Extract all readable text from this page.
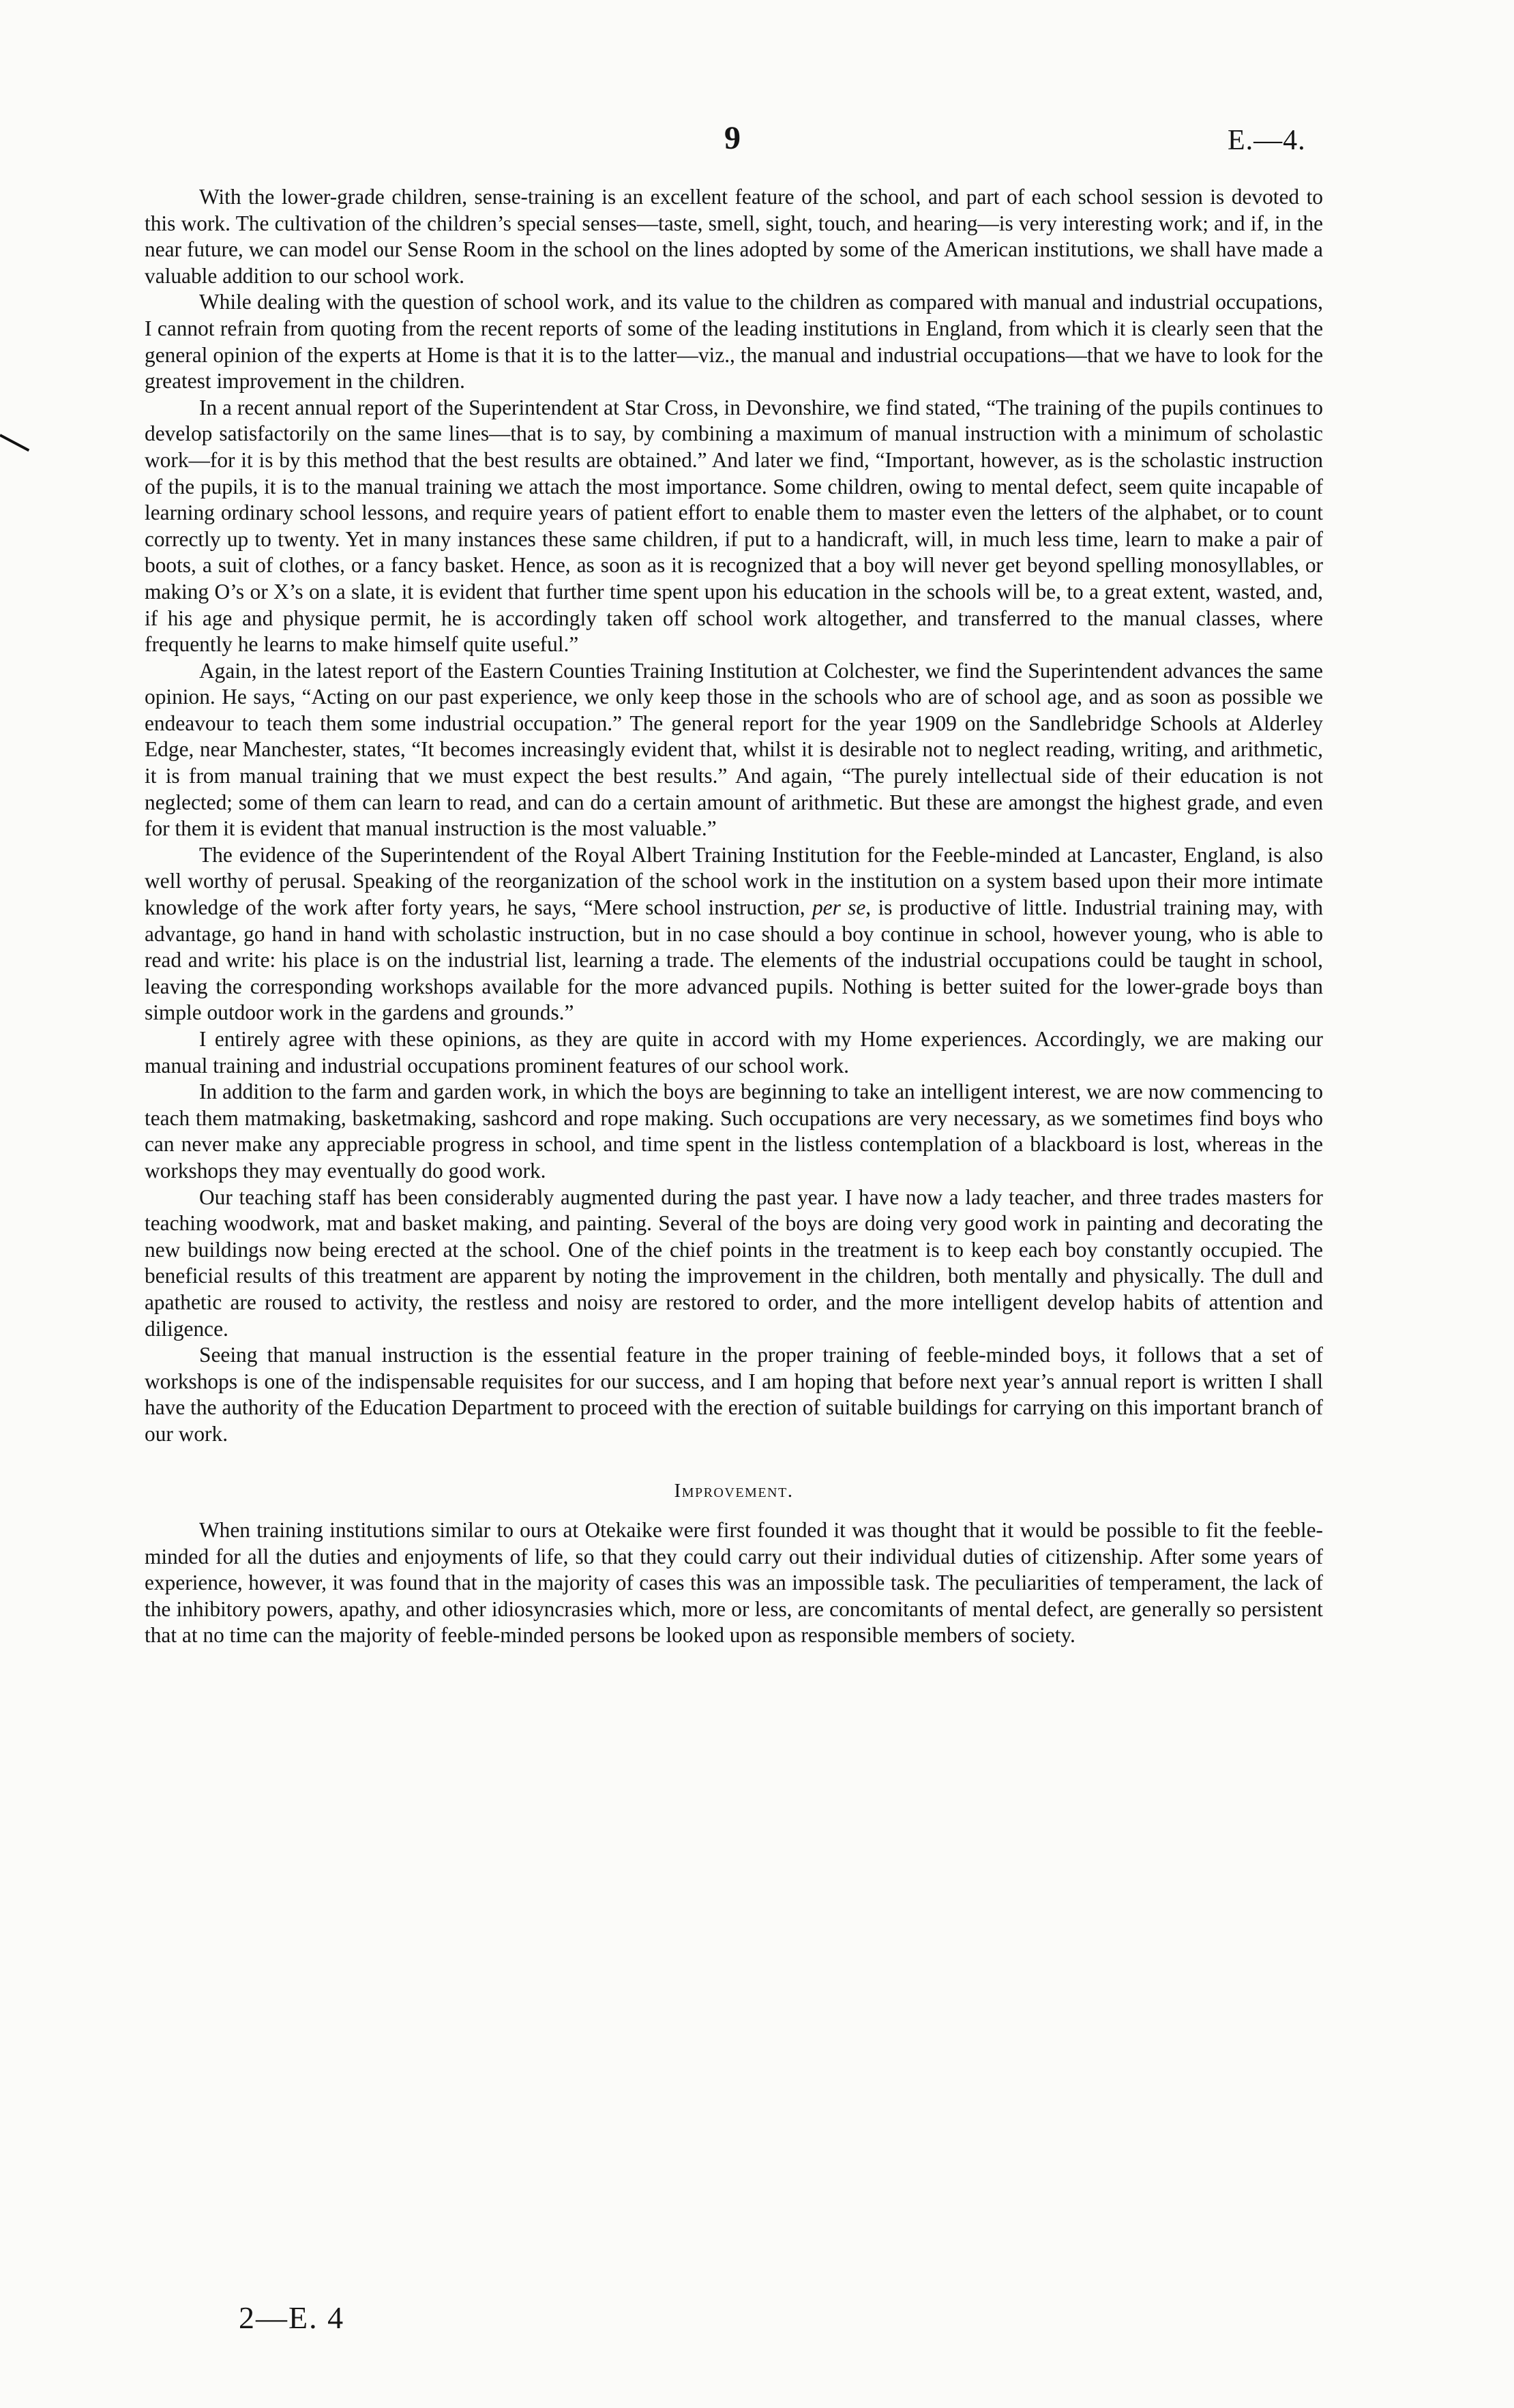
9	E.—4.

With the lower-grade children, sense-training is an excellent feature of the school, and part of each school session is devoted to this work. The cultivation of the children’s special senses—taste, smell, sight, touch, and hearing—is very interesting work; and if, in the near future, we can model our Sense Room in the school on the lines adopted by some of the American institutions, we shall have made a valuable addition to our school work.

While dealing with the question of school work, and its value to the children as compared with manual and industrial occupations, I cannot refrain from quoting from the recent reports of some of the leading institutions in England, from which it is clearly seen that the general opinion of the experts at Home is that it is to the latter—viz., the manual and industrial occupations—that we have to look for the greatest improvement in the children.

In a recent annual report of the Superintendent at Star Cross, in Devonshire, we find stated, “The training of the pupils continues to develop satisfactorily on the same lines—that is to say, by combining a maximum of manual instruction with a minimum of scholastic work—for it is by this method that the best results are obtained.” And later we find, “Important, however, as is the scholastic instruction of the pupils, it is to the manual training we attach the most importance. Some children, owing to mental defect, seem quite incapable of learning ordinary school lessons, and require years of patient effort to enable them to master even the letters of the alphabet, or to count correctly up to twenty. Yet in many instances these same children, if put to a handicraft, will, in much less time, learn to make a pair of boots, a suit of clothes, or a fancy basket. Hence, as soon as it is recognized that a boy will never get beyond spelling monosyllables, or making O’s or X’s on a slate, it is evident that further time spent upon his education in the schools will be, to a great extent, wasted, and, if his age and physique permit, he is accordingly taken off school work altogether, and transferred to the manual classes, where frequently he learns to make himself quite useful.”

Again, in the latest report of the Eastern Counties Training Institution at Colchester, we find the Superintendent advances the same opinion. He says, “Acting on our past experience, we only keep those in the schools who are of school age, and as soon as possible we endeavour to teach them some industrial occupation.” The general report for the year 1909 on the Sandlebridge Schools at Alderley Edge, near Manchester, states, “It becomes increasingly evident that, whilst it is desirable not to neglect reading, writing, and arithmetic, it is from manual training that we must expect the best results.” And again, “The purely intellectual side of their education is not neglected; some of them can learn to read, and can do a certain amount of arithmetic. But these are amongst the highest grade, and even for them it is evident that manual instruction is the most valuable.”

The evidence of the Superintendent of the Royal Albert Training Institution for the Feeble-minded at Lancaster, England, is also well worthy of perusal. Speaking of the reorganization of the school work in the institution on a system based upon their more intimate knowledge of the work after forty years, he says, “Mere school instruction, per se, is productive of little. Industrial training may, with advantage, go hand in hand with scholastic instruction, but in no case should a boy continue in school, however young, who is able to read and write: his place is on the industrial list, learning a trade. The elements of the industrial occupations could be taught in school, leaving the corresponding workshops available for the more advanced pupils. Nothing is better suited for the lower-grade boys than simple outdoor work in the gardens and grounds.”

I entirely agree with these opinions, as they are quite in accord with my Home experiences. Accordingly, we are making our manual training and industrial occupations prominent features of our school work.

In addition to the farm and garden work, in which the boys are beginning to take an intelligent interest, we are now commencing to teach them matmaking, basketmaking, sashcord and rope making. Such occupations are very necessary, as we sometimes find boys who can never make any appreciable progress in school, and time spent in the listless contemplation of a blackboard is lost, whereas in the workshops they may eventually do good work.

Our teaching staff has been considerably augmented during the past year. I have now a lady teacher, and three trades masters for teaching woodwork, mat and basket making, and painting. Several of the boys are doing very good work in painting and decorating the new buildings now being erected at the school. One of the chief points in the treatment is to keep each boy constantly occupied. The beneficial results of this treatment are apparent by noting the improvement in the children, both mentally and physically. The dull and apathetic are roused to activity, the restless and noisy are restored to order, and the more intelligent develop habits of attention and diligence.

Seeing that manual instruction is the essential feature in the proper training of feeble-minded boys, it follows that a set of workshops is one of the indispensable requisites for our success, and I am hoping that before next year’s annual report is written I shall have the authority of the Education Department to proceed with the erection of suitable buildings for carrying on this important branch of our work.

Improvement.

When training institutions similar to ours at Otekaike were first founded it was thought that it would be possible to fit the feeble-minded for all the duties and enjoyments of life, so that they could carry out their individual duties of citizenship. After some years of experience, however, it was found that in the majority of cases this was an impossible task. The peculiarities of temperament, the lack of the inhibitory powers, apathy, and other idiosyncrasies which, more or less, are concomitants of mental defect, are generally so persistent that at no time can the majority of feeble-minded persons be looked upon as responsible members of society.

2—E. 4
